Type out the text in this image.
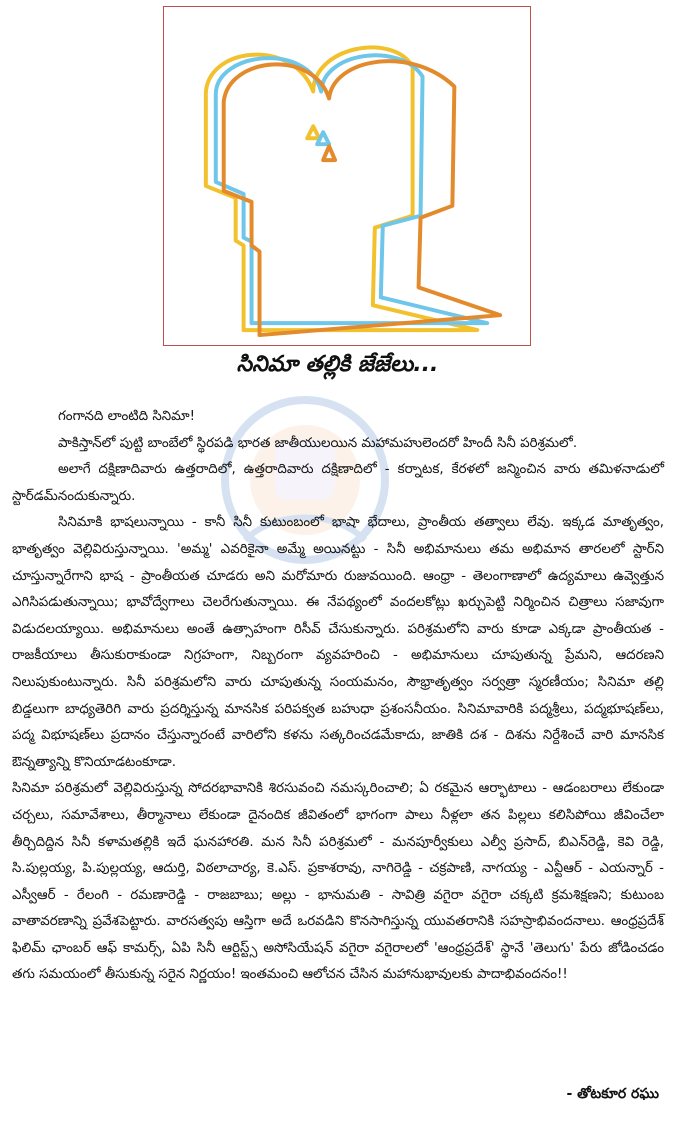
సినిమా తల్లికి జేజేలు...

గంగానది లాంటిది సినిమా!

పాకిస్తాన్‌లో పుట్టి బాంబేలో స్థిరపడి భారత జాతీయులయిన మహామహులెందరో హిందీ సినీ పరిశ్రమలో.

అలాగే దక్షిణాదివారు ఉత్తరాదిలో, ఉత్తరాదివారు దక్షిణాదిలో - కర్నాటక, కేరళలో జన్మించిన వారు తమిళనాడులో స్టార్‌డమ్‌నందుకున్నారు.

సినిమాకి భాషలున్నాయి - కానీ సినీ కుటుంబంలో భాషా భేదాలు, ప్రాంతీయ తత్వాలు లేవు. ఇక్కడ మాతృత్వం, భాతృత్వం వెల్లివిరుస్తున్నాయి. 'అమ్మ' ఎవరికైనా అమ్మే అయినట్టు - సినీ అభిమానులు తమ అభిమాన తారలలో స్టార్‌ని చూస్తున్నారేగాని భాష - ప్రాంతీయత చూడరు అని మరోమారు రుజువయింది. ఆంధ్రా - తెలంగాణాలో ఉద్యమాలు ఉవ్వెత్తున ఎగిసిపడుతున్నాయి; భావోద్వేగాలు చెలరేగుతున్నాయి. ఈ నేపథ్యంలో వందలకోట్లు ఖర్చుపెట్టి నిర్మించిన చిత్రాలు సజావుగా విడుదలయ్యాయి. అభిమానులు అంతే ఉత్సాహంగా రిసీవ్ చేసుకున్నారు. పరిశ్రమలోని వారు కూడా ఎక్కడా ప్రాంతీయత - రాజకీయాలు తీసుకురాకుండా నిగ్రహంగా, నిబ్బరంగా వ్యవహరించి - అభిమానులు చూపుతున్న ప్రేమని, ఆదరణని నిలుపుకుంటున్నారు. సినీ పరిశ్రమలోని వారు చూపుతున్న సంయమనం, సౌభ్రాతృత్వం సర్వత్రా స్మరణీయం; సినిమా తల్లి బిడ్డలుగా బాధ్యతెరిగి వారు ప్రదర్శిస్తున్న మానసిక పరిపక్వత బహుధా ప్రశంసనీయం. సినిమావారికి పద్మశ్రీలు, పద్మభూషణ్‌లు, పద్మ విభూషణ్‌లు ప్రదానం చేస్తున్నారంటే వారిలోని కళను సత్కరించడమేకాదు, జాతికి దశ - దిశను నిర్దేశించే వారి మానసిక ఔన్నత్యాన్ని కొనియాడటంకూడా.

సినిమా పరిశ్రమలో వెల్లివిరుస్తున్న సోదరభావానికి శిరసువంచి నమస్కరించాలి; ఏ రకమైన ఆర్భాటాలు - ఆడంబరాలు లేకుండా చర్చలు, సమావేశాలు, తీర్మానాలు లేకుండా దైనందిక జీవితంలో భాగంగా పాలు నీళ్లలా తన పిల్లలు కలిసిపోయి జీవించేలా తీర్చిదిద్దిన సినీ కళామతల్లికి ఇదే ఘనహారతి. మన సినీ పరిశ్రమలో - మనపూర్వీకులు ఎల్వీ ప్రసాద్, బిఎన్‌రెడ్డి, కెవి రెడ్డి, సి.పుల్లయ్య, పి.పుల్లయ్య, ఆదుర్తి, విఠలాచార్య, కె.ఎస్. ప్రకాశరావు, నాగిరెడ్డి - చక్రపాణి, నాగయ్య - ఎన్టీఆర్ - ఎయన్నార్ - ఎస్వీఆర్ - రేలంగి - రమణారెడ్డి - రాజబాబు; అల్లు - భానుమతి - సావిత్రి వగైరా వగైరా చక్కటి క్రమశిక్షణని; కుటుంబ వాతావరణాన్ని ప్రవేశపెట్టారు. వారసత్వపు ఆస్తిగా అదే ఒరవడిని కొనసాగిస్తున్న యువతరానికి సహస్రాభివందనాలు. ఆంధ్రప్రదేశ్ ఫిలిమ్ ఛాంబర్ ఆఫ్ కామర్స్, ఏపి సినీ ఆర్టిస్ట్స్ అసోసియేషన్ వగైరా వగైరాలలో 'ఆంధ్రప్రదేశ్' స్థానే 'తెలుగు' పేరు జోడించడం తగు సమయంలో తీసుకున్న సరైన నిర్ణయం! ఇంతమంచి ఆలోచన చేసిన మహానుభావులకు పాదాభివందనం!!

- తోటకూర రఘు
